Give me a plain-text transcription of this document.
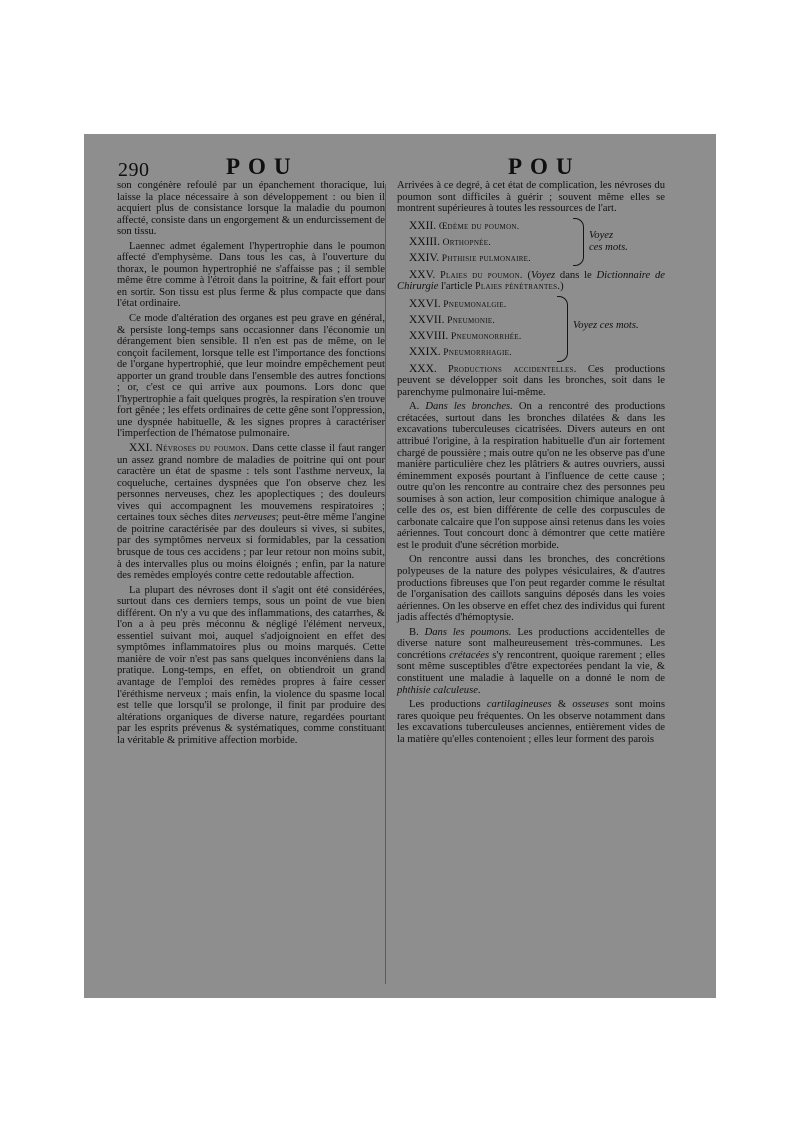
290	POU	POU

son congénère refoulé par un épanchement thoracique, lui laisse la place nécessaire à son développement : ou bien il acquiert plus de consistance lorsque la maladie du poumon affecté, consiste dans un engorgement & un endurcissement de son tissu.

Laennec admet également l'hypertrophie dans le poumon affecté d'emphysème. Dans tous les cas, à l'ouverture du thorax, le poumon hypertrophié ne s'affaisse pas ; il semble même être comme à l'étroit dans la poitrine, & fait effort pour en sortir. Son tissu est plus ferme & plus compacte que dans l'état ordinaire.

Ce mode d'altération des organes est peu grave en général, & persiste long-temps sans occasionner dans l'économie un dérangement bien sensible. Il n'en est pas de même, on le conçoit facilement, lorsque telle est l'importance des fonctions de l'organe hypertrophié, que leur moindre empêchement peut apporter un grand trouble dans l'ensemble des autres fonctions ; or, c'est ce qui arrive aux poumons. Lors donc que l'hypertrophie a fait quelques progrès, la respiration s'en trouve fort gênée ; les effets ordinaires de cette gêne sont l'oppression, une dyspnée habituelle, & les signes propres à caractériser l'imperfection de l'hématose pulmonaire.

XXI. Névroses du poumon. Dans cette classe il faut ranger un assez grand nombre de maladies de poitrine qui ont pour caractère un état de spasme : tels sont l'asthme nerveux, la coqueluche, certaines dyspnées que l'on observe chez les personnes nerveuses, chez les apoplectiques ; des douleurs vives qui accompagnent les mouvemens respiratoires ; certaines toux sèches dites nerveuses; peut-être même l'angine de poitrine caractérisée par des douleurs si vives, si subites, par des symptômes nerveux si formidables, par la cessation brusque de tous ces accidens ; par leur retour non moins subit, à des intervalles plus ou moins éloignés ; enfin, par la nature des remèdes employés contre cette redoutable affection.

La plupart des névroses dont il s'agit ont été considérées, surtout dans ces derniers temps, sous un point de vue bien différent. On n'y a vu que des inflammations, des catarrhes, & l'on a à peu près méconnu & négligé l'élément nerveux, essentiel suivant moi, auquel s'adjoignoient en effet des symptômes inflammatoires plus ou moins marqués. Cette manière de voir n'est pas sans quelques inconvéniens dans la pratique. Long-temps, en effet, on obtiendroit un grand avantage de l'emploi des remèdes propres à faire cesser l'éréthisme nerveux ; mais enfin, la violence du spasme local est telle que lorsqu'il se prolonge, il finit par produire des altérations organiques de diverse nature, regardées pourtant par les esprits prévenus & systématiques, comme constituant la véritable & primitive affection morbide.

Arrivées à ce degré, à cet état de complication, les névroses du poumon sont difficiles à guérir ; souvent même elles se montrent supérieures à toutes les ressources de l'art.

XXII. Œdème du poumon.
XXIII. Orthopnée.
XXIV. Phthisie pulmonaire.
Voyez
ces mots.

XXV. Plaies du poumon. (Voyez dans le Dictionnaire de Chirurgie l'article Plaies pénétrantes.)

XXVI. Pneumonalgie.
XXVII. Pneumonie.
XXVIII. Pneumonorrhée.
XXIX. Pneumorrhagie.
Voyez ces mots.

XXX. Productions accidentelles. Ces productions peuvent se développer soit dans les bronches, soit dans le parenchyme pulmonaire lui-même.

A. Dans les bronches. On a rencontré des productions crétacées, surtout dans les bronches dilatées & dans les excavations tuberculeuses cicatrisées. Divers auteurs en ont attribué l'origine, à la respiration habituelle d'un air fortement chargé de poussière ; mais outre qu'on ne les observe pas d'une manière particulière chez les plâtriers & autres ouvriers, aussi éminemment exposés pourtant à l'influence de cette cause ; outre qu'on les rencontre au contraire chez des personnes peu soumises à son action, leur composition chimique analogue à celle des os, est bien différente de celle des corpuscules de carbonate calcaire que l'on suppose ainsi retenus dans les voies aériennes. Tout concourt donc à démontrer que cette matière est le produit d'une sécrétion morbide.

On rencontre aussi dans les bronches, des concrétions polypeuses de la nature des polypes vésiculaires, & d'autres productions fibreuses que l'on peut regarder comme le résultat de l'organisation des caillots sanguins déposés dans les voies aériennes. On les observe en effet chez des individus qui furent jadis affectés d'hémoptysie.

B. Dans les poumons. Les productions accidentelles de diverse nature sont malheureusement très-communes. Les concrétions crétacées s'y rencontrent, quoique rarement ; elles sont même susceptibles d'être expectorées pendant la vie, & constituent une maladie à laquelle on a donné le nom de phthisie calculeuse.

Les productions cartilagineuses & osseuses sont moins rares quoique peu fréquentes. On les observe notamment dans les excavations tuberculeuses anciennes, entièrement vides de la matière qu'elles contenoient ; elles leur forment des parois
